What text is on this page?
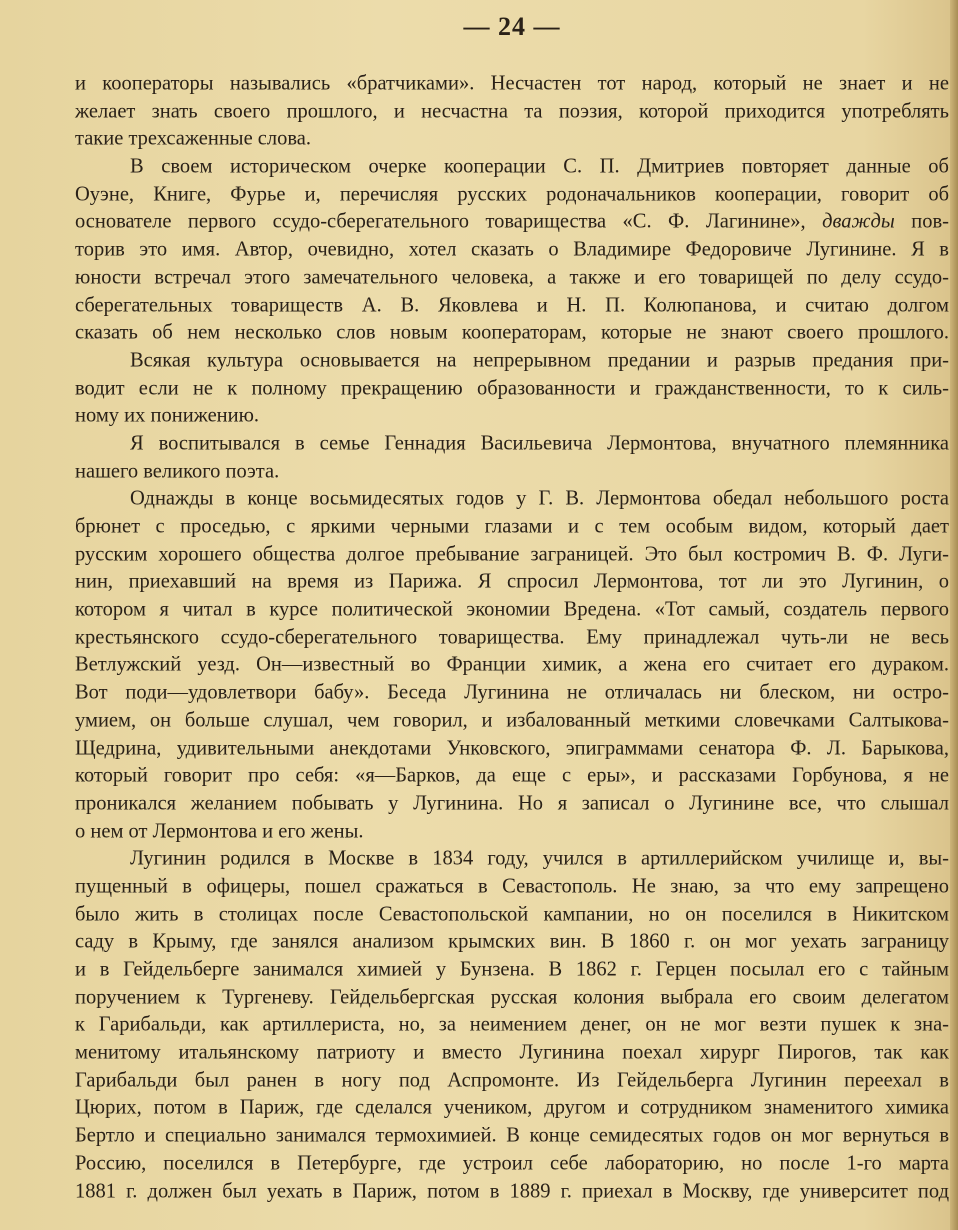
— 24 —
и кооператоры назывались «братчиками». Несчастен тот народ, который не знает и не
желает знать своего прошлого, и несчастна та поэзия, которой приходится употреблять
такие трехсаженные слова.
В своем историческом очерке кооперации С. П. Дмитриев повторяет данные об
Оуэне, Книге, Фурье и, перечисляя русских родоначальников кооперации, говорит об
основателе первого ссудо-сберегательного товарищества «С. Ф. Лагинине», дважды пов-
торив это имя. Автор, очевидно, хотел сказать о Владимире Федоровиче Лугинине. Я в
юности встречал этого замечательного человека, а также и его товарищей по делу ссудо-
сберегательных товариществ А. В. Яковлева и Н. П. Колюпанова, и считаю долгом
сказать об нем несколько слов новым кооператорам, которые не знают своего прошлого.
Всякая культура основывается на непрерывном предании и разрыв предания при-
водит если не к полному прекращению образованности и гражданственности, то к силь-
ному их понижению.
Я воспитывался в семье Геннадия Васильевича Лермонтова, внучатного племянника
нашего великого поэта.
Однажды в конце восьмидесятых годов у Г. В. Лермонтова обедал небольшого роста
брюнет с проседью, с яркими черными глазами и с тем особым видом, который дает
русским хорошего общества долгое пребывание заграницей. Это был костромич В. Ф. Луги-
нин, приехавший на время из Парижа. Я спросил Лермонтова, тот ли это Лугинин, о
котором я читал в курсе политической экономии Вредена. «Тот самый, создатель первого
крестьянского ссудо-сберегательного товарищества. Ему принадлежал чуть-ли не весь
Ветлужский уезд. Он—известный во Франции химик, а жена его считает его дураком.
Вот поди—удовлетвори бабу». Беседа Лугинина не отличалась ни блеском, ни остро-
умием, он больше слушал, чем говорил, и избалованный меткими словечками Салтыкова-
Щедрина, удивительными анекдотами Унковского, эпиграммами сенатора Ф. Л. Барыкова,
который говорит про себя: «я—Барков, да еще с еры», и рассказами Горбунова, я не
проникался желанием побывать у Лугинина. Но я записал о Лугинине все, что слышал
о нем от Лермонтова и его жены.
Лугинин родился в Москве в 1834 году, учился в артиллерийском училище и, вы-
пущенный в офицеры, пошел сражаться в Севастополь. Не знаю, за что ему запрещено
было жить в столицах после Севастопольской кампании, но он поселился в Никитском
саду в Крыму, где занялся анализом крымских вин. В 1860 г. он мог уехать заграницу
и в Гейдельберге занимался химией у Бунзена. В 1862 г. Герцен посылал его с тайным
поручением к Тургеневу. Гейдельбергская русская колония выбрала его своим делегатом
к Гарибальди, как артиллериста, но, за неимением денег, он не мог везти пушек к зна-
менитому итальянскому патриоту и вместо Лугинина поехал хирург Пирогов, так как
Гарибальди был ранен в ногу под Аспромонте. Из Гейдельберга Лугинин переехал в
Цюрих, потом в Париж, где сделался учеником, другом и сотрудником знаменитого химика
Бертло и специально занимался термохимией. В конце семидесятых годов он мог вернуться в
Россию, поселился в Петербурге, где устроил себе лабораторию, но после 1-го марта
1881 г. должен был уехать в Париж, потом в 1889 г. приехал в Москву, где университет под
